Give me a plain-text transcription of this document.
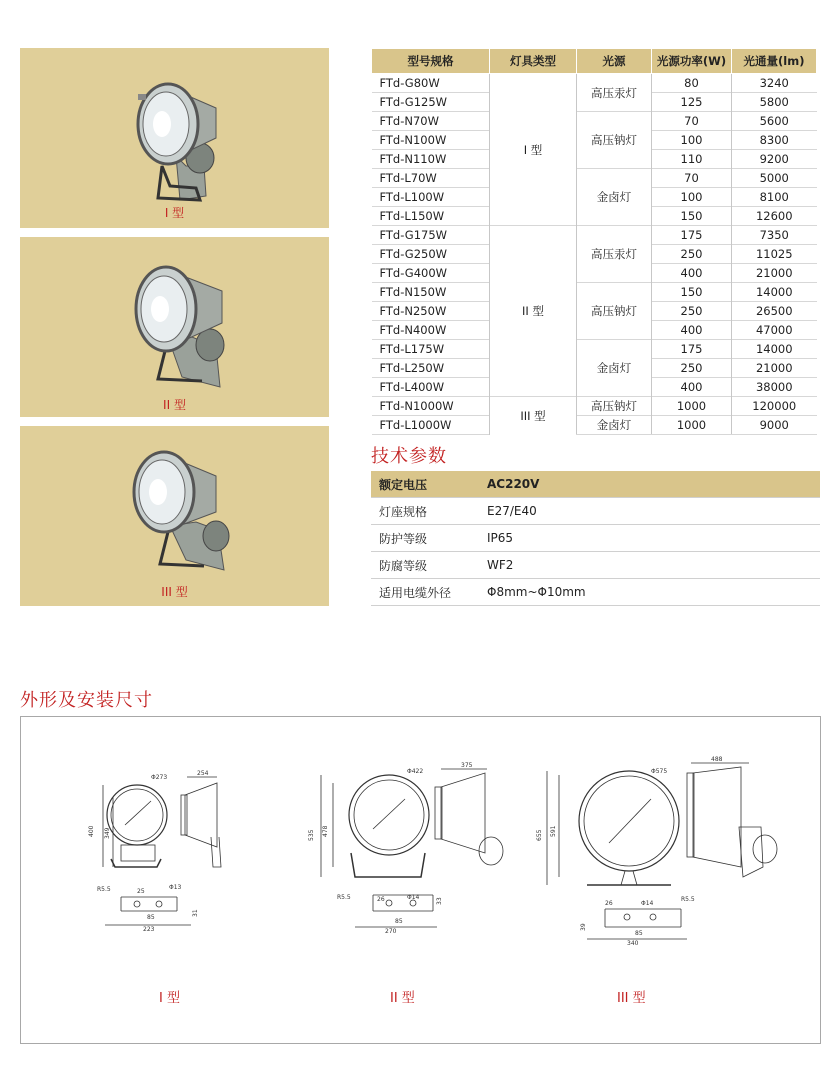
I 型
II 型
III 型
型号规格	灯具类型	光源	光源功率(W)	光通量(lm)
FTd-G80W	I 型	高压汞灯	80	3240
FTd-G125W			125	5800
FTd-N70W		高压钠灯	70	5600
FTd-N100W			100	8300
FTd-N110W			110	9200
FTd-L70W		金卤灯	70	5000
FTd-L100W			100	8100
FTd-L150W			150	12600
FTd-G175W	II 型	高压汞灯	175	7350
FTd-G250W			250	11025
FTd-G400W			400	21000
FTd-N150W		高压钠灯	150	14000
FTd-N250W			250	26500
FTd-N400W			400	47000
FTd-L175W		金卤灯	175	14000
FTd-L250W			250	21000
FTd-L400W			400	38000
FTd-N1000W	III 型	高压钠灯	1000	120000
FTd-L1000W		金卤灯	1000	9000
技术参数
额定电压	AC220V
灯座规格	E27/E40
防护等级	IP65
防腐等级	WF2
适用电缆外径	Φ8mm~Φ10mm
外形及安装尺寸
Φ273
254
400 349
R5.5	25
Φ13
85
31
223
Φ422
375
535 478
R5.5	26	Φ14
85
33
270
Φ575
488
655 591
R5.5
26	Φ14
85
39
340
I 型	II 型	III 型
